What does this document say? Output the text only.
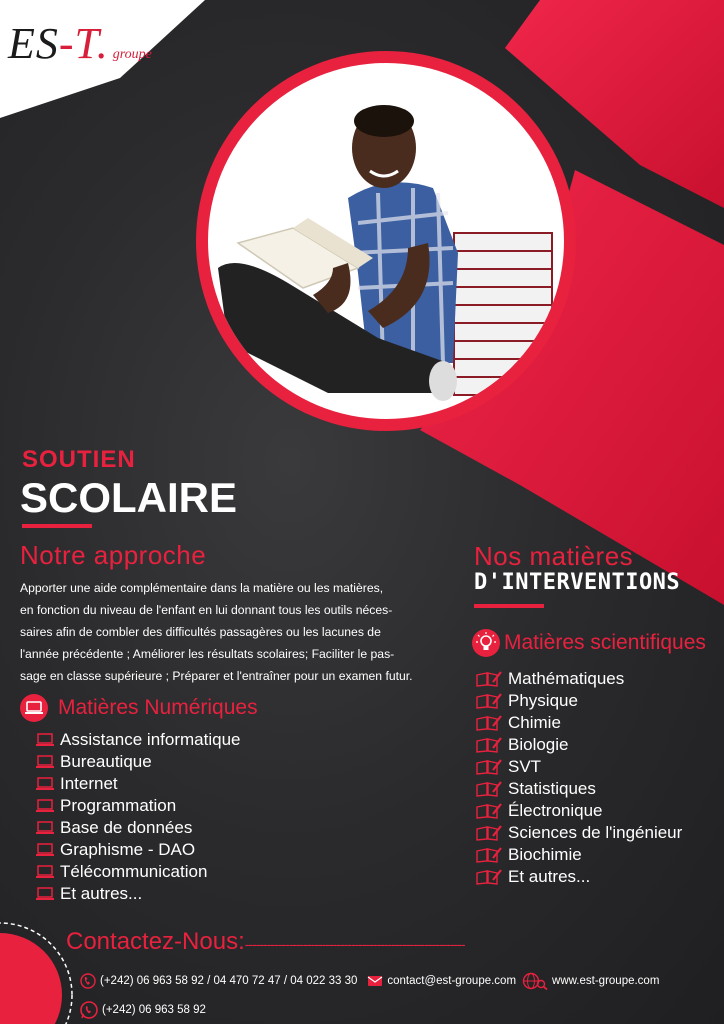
ES-T. groupe
SOUTIEN
SCOLAIRE
Notre approche

Apporter une aide complémentaire dans la matière ou les matières,

en fonction du niveau de l'enfant en lui donnant tous les outils néces-

saires afin de combler des difficultés passagères ou les lacunes de

l'année précédente ; Améliorer les résultats scolaires; Faciliter le pas-

sage en classe supérieure ; Préparer et l'entraîner pour un examen futur.

Nos matières
D'INTERVENTIONS
Matières Numériques
Assistance informatique
Bureautique
Internet
Programmation
Base de données
Graphisme - DAO
Télécommunication
Et autres...
Matières scientifiques
Mathématiques
Physique
Chimie
Biologie
SVT
Statistiques
Électronique
Sciences de l'ingénieur
Biochimie
Et autres...
Contactez-Nous:------------------------------------------------------------
(+242) 06 963 58 92 / 04 470 72 47 / 04 022 33 30	contact@est-groupe.com	www.est-groupe.com
(+242) 06 963 58 92
